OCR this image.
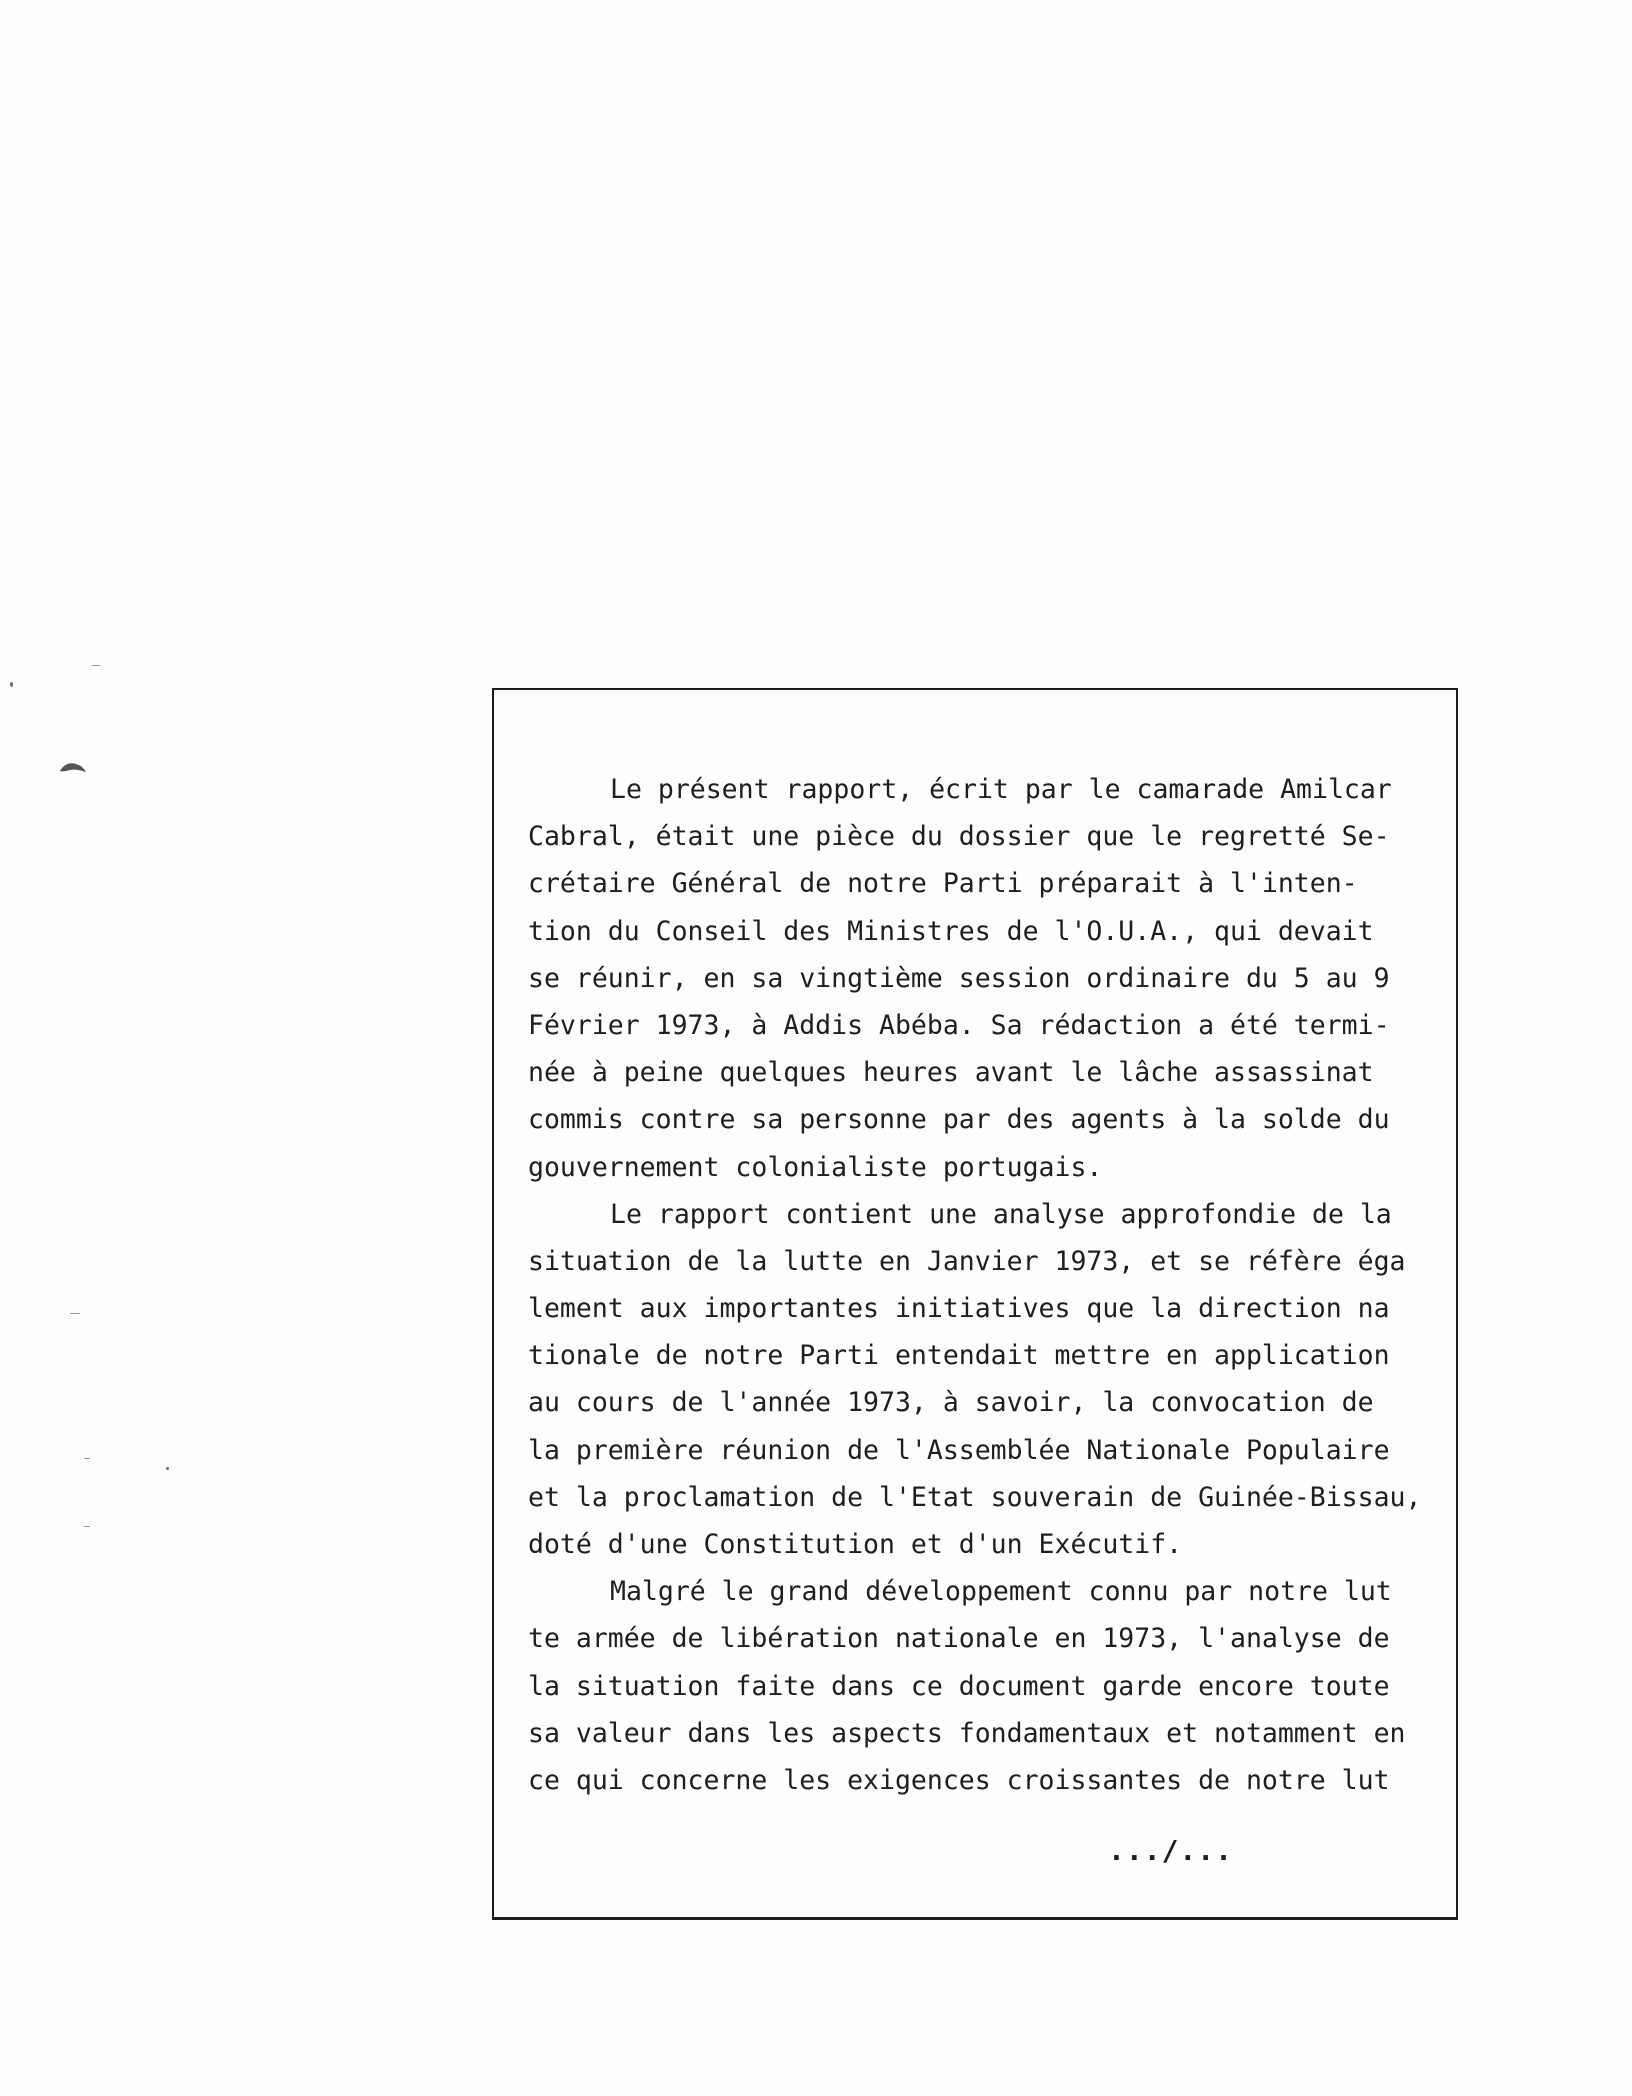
Le présent rapport, écrit par le camarade Amilcar
Cabral, était une pièce du dossier que le regretté Se-
crétaire Général de notre Parti préparait à l'inten-
tion du Conseil des Ministres de l'O.U.A., qui devait
se réunir, en sa vingtième session ordinaire du 5 au 9
Février 1973, à Addis Abéba. Sa rédaction a été termi-
née à peine quelques heures avant le lâche assassinat
commis contre sa personne par des agents à la solde du
gouvernement colonialiste portugais.
Le rapport contient une analyse approfondie de la
situation de la lutte en Janvier 1973, et se réfère éga
lement aux importantes initiatives que la direction na
tionale de notre Parti entendait mettre en application
au cours de l'année 1973, à savoir, la convocation de
la première réunion de l'Assemblée Nationale Populaire
et la proclamation de l'Etat souverain de Guinée-Bissau,
doté d'une Constitution et d'un Exécutif.
Malgré le grand développement connu par notre lut
te armée de libération nationale en 1973, l'analyse de
la situation faite dans ce document garde encore toute
sa valeur dans les aspects fondamentaux et notamment en
ce qui concerne les exigences croissantes de notre lut
.../...
